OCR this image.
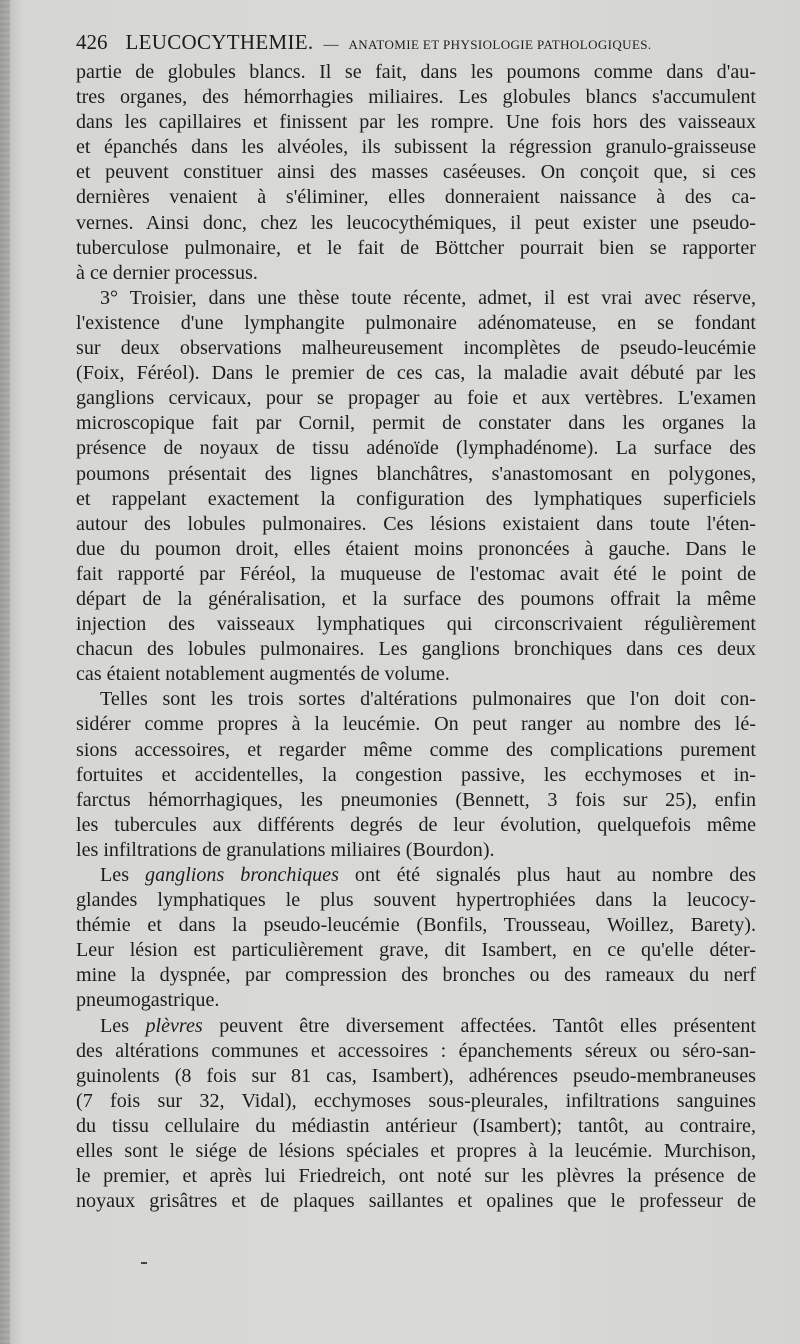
426 LEUCOCYTHEMIE. — ANATOMIE ET PHYSIOLOGIE PATHOLOGIQUES.
partie de globules blancs. Il se fait, dans les poumons comme dans d'au-
tres organes, des hémorrhagies miliaires. Les globules blancs s'accumulent
dans les capillaires et finissent par les rompre. Une fois hors des vaisseaux
et épanchés dans les alvéoles, ils subissent la régression granulo-graisseuse
et peuvent constituer ainsi des masses caséeuses. On conçoit que, si ces
dernières venaient à s'éliminer, elles donneraient naissance à des ca-
vernes. Ainsi donc, chez les leucocythémiques, il peut exister une pseudo-
tuberculose pulmonaire, et le fait de Böttcher pourrait bien se rapporter
à ce dernier processus.
3° Troisier, dans une thèse toute récente, admet, il est vrai avec réserve,
l'existence d'une lymphangite pulmonaire adénomateuse, en se fondant
sur deux observations malheureusement incomplètes de pseudo-leucémie
(Foix, Féréol). Dans le premier de ces cas, la maladie avait débuté par les
ganglions cervicaux, pour se propager au foie et aux vertèbres. L'examen
microscopique fait par Cornil, permit de constater dans les organes la
présence de noyaux de tissu adénoïde (lymphadénome). La surface des
poumons présentait des lignes blanchâtres, s'anastomosant en polygones,
et rappelant exactement la configuration des lymphatiques superficiels
autour des lobules pulmonaires. Ces lésions existaient dans toute l'éten-
due du poumon droit, elles étaient moins prononcées à gauche. Dans le
fait rapporté par Féréol, la muqueuse de l'estomac avait été le point de
départ de la généralisation, et la surface des poumons offrait la même
injection des vaisseaux lymphatiques qui circonscrivaient régulièrement
chacun des lobules pulmonaires. Les ganglions bronchiques dans ces deux
cas étaient notablement augmentés de volume.
Telles sont les trois sortes d'altérations pulmonaires que l'on doit con-
sidérer comme propres à la leucémie. On peut ranger au nombre des lé-
sions accessoires, et regarder même comme des complications purement
fortuites et accidentelles, la congestion passive, les ecchymoses et in-
farctus hémorrhagiques, les pneumonies (Bennett, 3 fois sur 25), enfin
les tubercules aux différents degrés de leur évolution, quelquefois même
les infiltrations de granulations miliaires (Bourdon).
Les ganglions bronchiques ont été signalés plus haut au nombre des
glandes lymphatiques le plus souvent hypertrophiées dans la leucocy-
thémie et dans la pseudo-leucémie (Bonfils, Trousseau, Woillez, Barety).
Leur lésion est particulièrement grave, dit Isambert, en ce qu'elle déter-
mine la dyspnée, par compression des bronches ou des rameaux du nerf
pneumogastrique.
Les plèvres peuvent être diversement affectées. Tantôt elles présentent
des altérations communes et accessoires : épanchements séreux ou séro-san-
guinolents (8 fois sur 81 cas, Isambert), adhérences pseudo-membraneuses
(7 fois sur 32, Vidal), ecchymoses sous-pleurales, infiltrations sanguines
du tissu cellulaire du médiastin antérieur (Isambert); tantôt, au contraire,
elles sont le siége de lésions spéciales et propres à la leucémie. Murchison,
le premier, et après lui Friedreich, ont noté sur les plèvres la présence de
noyaux grisâtres et de plaques saillantes et opalines que le professeur de
